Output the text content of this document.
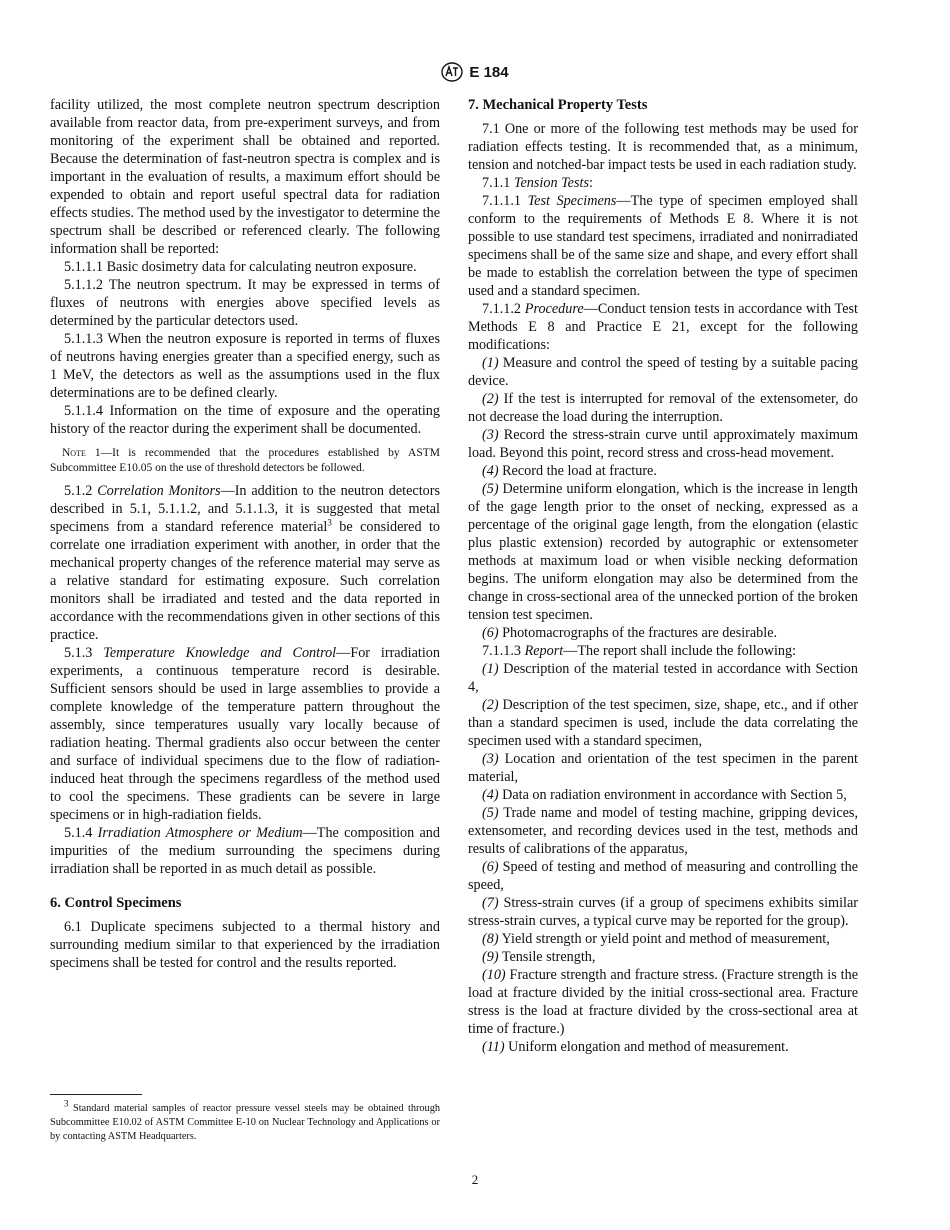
E 184

facility utilized, the most complete neutron spectrum description available from reactor data, from pre-experiment surveys, and from monitoring of the experiment shall be obtained and reported. Because the determination of fast-neutron spectra is complex and is important in the evaluation of results, a maximum effort should be expended to obtain and report useful spectral data for radiation effects studies. The method used by the investigator to determine the spectrum shall be described or referenced clearly. The following information shall be reported:

5.1.1.1 Basic dosimetry data for calculating neutron exposure.

5.1.1.2 The neutron spectrum. It may be expressed in terms of fluxes of neutrons with energies above specified levels as determined by the particular detectors used.

5.1.1.3 When the neutron exposure is reported in terms of fluxes of neutrons having energies greater than a specified energy, such as 1 MeV, the detectors as well as the assumptions used in the flux determinations are to be defined clearly.

5.1.1.4 Information on the time of exposure and the operating history of the reactor during the experiment shall be documented.

Note 1—It is recommended that the procedures established by ASTM Subcommittee E10.05 on the use of threshold detectors be followed.

5.1.2 Correlation Monitors—In addition to the neutron detectors described in 5.1, 5.1.1.2, and 5.1.1.3, it is suggested that metal specimens from a standard reference material$^3$ be considered to correlate one irradiation experiment with another, in order that the mechanical property changes of the reference material may serve as a relative standard for estimating exposure. Such correlation monitors shall be irradiated and tested and the data reported in accordance with the recommendations given in other sections of this practice.

5.1.3 Temperature Knowledge and Control—For irradiation experiments, a continuous temperature record is desirable. Sufficient sensors should be used in large assemblies to provide a complete knowledge of the temperature pattern throughout the assembly, since temperatures usually vary locally because of radiation heating. Thermal gradients also occur between the center and surface of individual specimens due to the flow of radiation-induced heat through the specimens regardless of the method used to cool the specimens. These gradients can be severe in large specimens or in high-radiation fields.

5.1.4 Irradiation Atmosphere or Medium—The composition and impurities of the medium surrounding the specimens during irradiation shall be reported in as much detail as possible.

6. Control Specimens

6.1 Duplicate specimens subjected to a thermal history and surrounding medium similar to that experienced by the irradiation specimens shall be tested for control and the results reported.

$^3$ Standard material samples of reactor pressure vessel steels may be obtained through Subcommittee E10.02 of ASTM Committee E-10 on Nuclear Technology and Applications or by contacting ASTM Headquarters.

7. Mechanical Property Tests

7.1 One or more of the following test methods may be used for radiation effects testing. It is recommended that, as a minimum, tension and notched-bar impact tests be used in each radiation study.

7.1.1 Tension Tests:

7.1.1.1 Test Specimens—The type of specimen employed shall conform to the requirements of Methods E 8. Where it is not possible to use standard test specimens, irradiated and nonirradiated specimens shall be of the same size and shape, and every effort shall be made to establish the correlation between the type of specimen used and a standard specimen.

7.1.1.2 Procedure—Conduct tension tests in accordance with Test Methods E 8 and Practice E 21, except for the following modifications:

(1) Measure and control the speed of testing by a suitable pacing device.

(2) If the test is interrupted for removal of the extensometer, do not decrease the load during the interruption.

(3) Record the stress-strain curve until approximately maximum load. Beyond this point, record stress and cross-head movement.

(4) Record the load at fracture.

(5) Determine uniform elongation, which is the increase in length of the gage length prior to the onset of necking, expressed as a percentage of the original gage length, from the elongation (elastic plus plastic extension) recorded by autographic or extensometer methods at maximum load or when visible necking deformation begins. The uniform elongation may also be determined from the change in cross-sectional area of the unnecked portion of the broken tension test specimen.

(6) Photomacrographs of the fractures are desirable.

7.1.1.3 Report—The report shall include the following:

(1) Description of the material tested in accordance with Section 4,

(2) Description of the test specimen, size, shape, etc., and if other than a standard specimen is used, include the data correlating the specimen used with a standard specimen,

(3) Location and orientation of the test specimen in the parent material,

(4) Data on radiation environment in accordance with Section 5,

(5) Trade name and model of testing machine, gripping devices, extensometer, and recording devices used in the test, methods and results of calibrations of the apparatus,

(6) Speed of testing and method of measuring and controlling the speed,

(7) Stress-strain curves (if a group of specimens exhibits similar stress-strain curves, a typical curve may be reported for the group).

(8) Yield strength or yield point and method of measurement,

(9) Tensile strength,

(10) Fracture strength and fracture stress. (Fracture strength is the load at fracture divided by the initial cross-sectional area. Fracture stress is the load at fracture divided by the cross-sectional area at time of fracture.)

(11) Uniform elongation and method of measurement.

2
